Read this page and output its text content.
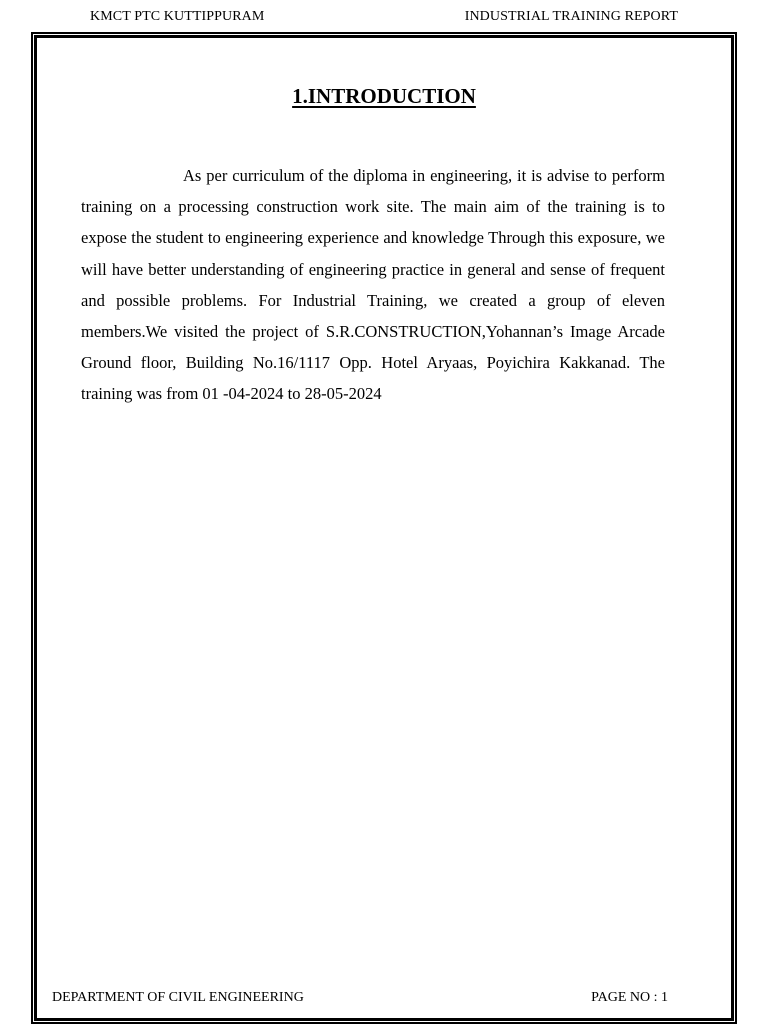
KMCT PTC KUTTIPPURAM	INDUSTRIAL TRAINING REPORT
1.INTRODUCTION

As per curriculum of the diploma in engineering, it is advise to perform training on a processing construction work site. The main aim of the training is to expose the student to engineering experience and knowledge Through this exposure, we will have better understanding of engineering practice in general and sense of frequent and possible problems. For Industrial Training, we created a group of eleven members.We visited the project of S.R.CONSTRUCTION,Yohannan’s Image Arcade Ground floor, Building No.16/1117 Opp. Hotel Aryaas, Poyichira Kakkanad. The training was from 01 -04-2024 to 28-05-2024

DEPARTMENT OF CIVIL ENGINEERING	PAGE NO : 1
